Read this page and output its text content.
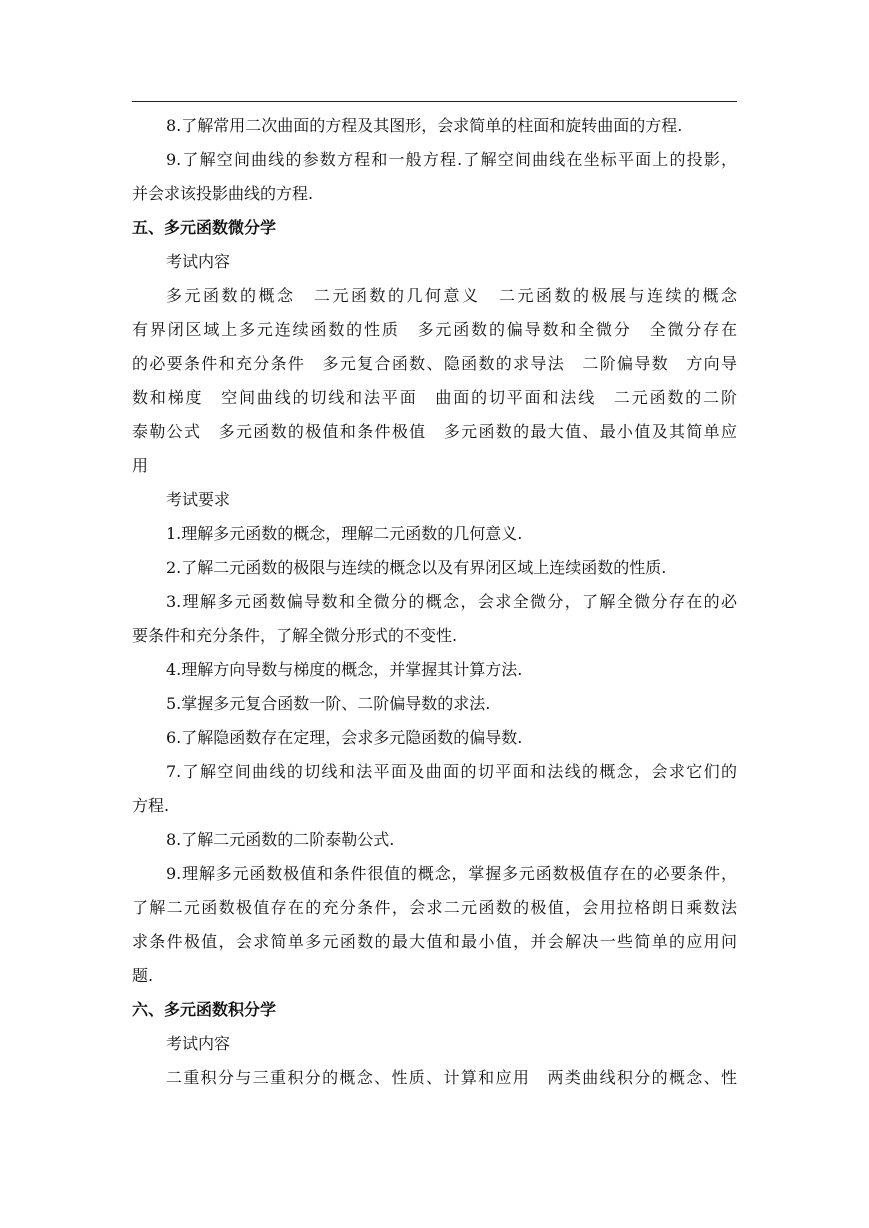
8.了解常用二次曲面的方程及其图形，会求简单的柱面和旋转曲面的方程.
9.了解空间曲线的参数方程和一般方程.了解空间曲线在坐标平面上的投影，
并会求该投影曲线的方程.
五、多元函数微分学
考试内容
多元函数的概念　二元函数的几何意义　二元函数的极展与连续的概念
有界闭区域上多元连续函数的性质　多元函数的偏导数和全微分　全微分存在
的必要条件和充分条件　多元复合函数、隐函数的求导法　二阶偏导数　方向导
数和梯度　空间曲线的切线和法平面　曲面的切平面和法线　二元函数的二阶
泰勒公式　多元函数的极值和条件极值　多元函数的最大值、最小值及其简单应
用
考试要求
1.理解多元函数的概念，理解二元函数的几何意义.
2.了解二元函数的极限与连续的概念以及有界闭区域上连续函数的性质.
3.理解多元函数偏导数和全微分的概念，会求全微分，了解全微分存在的必
要条件和充分条件，了解全微分形式的不变性.
4.理解方向导数与梯度的概念，并掌握其计算方法.
5.掌握多元复合函数一阶、二阶偏导数的求法.
6.了解隐函数存在定理，会求多元隐函数的偏导数.
7.了解空间曲线的切线和法平面及曲面的切平面和法线的概念，会求它们的
方程.
8.了解二元函数的二阶泰勒公式.
9.理解多元函数极值和条件很值的概念，掌握多元函数极值存在的必要条件，
了解二元函数极值存在的充分条件，会求二元函数的极值，会用拉格朗日乘数法
求条件极值，会求简单多元函数的最大值和最小值，并会解决一些简单的应用问
题.
六、多元函数积分学
考试内容
二重积分与三重积分的概念、性质、计算和应用　两类曲线积分的概念、性
